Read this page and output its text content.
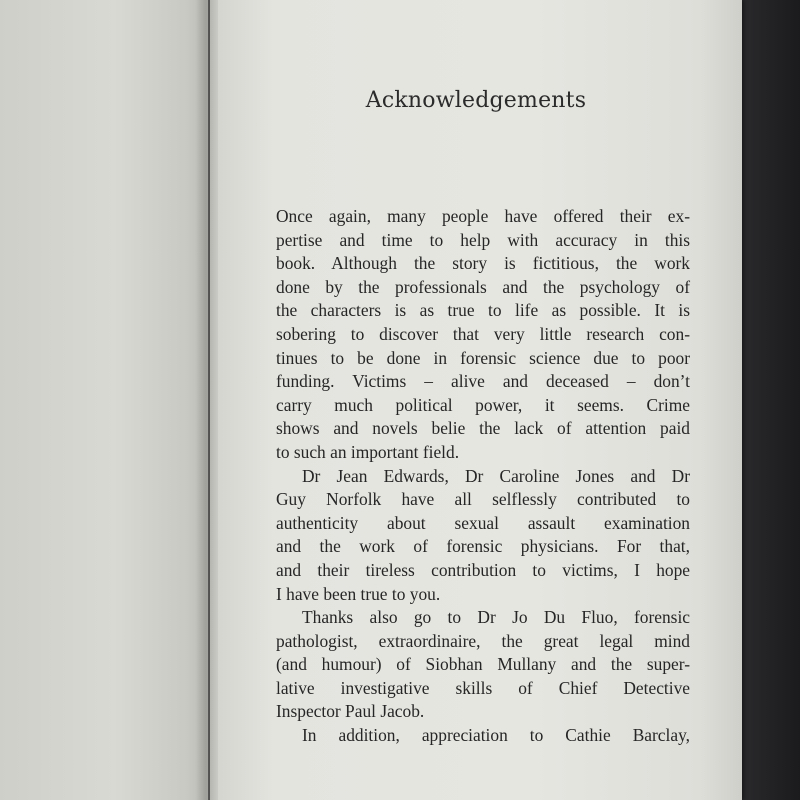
Acknowledgements

Once again, many people have offered their ex-
pertise and time to help with accuracy in this
book. Although the story is fictitious, the work
done by the professionals and the psychology of
the characters is as true to life as possible. It is
sobering to discover that very little research con-
tinues to be done in forensic science due to poor
funding. Victims – alive and deceased – don’t
carry much political power, it seems. Crime
shows and novels belie the lack of attention paid
to such an important field.

Dr Jean Edwards, Dr Caroline Jones and Dr
Guy Norfolk have all selflessly contributed to
authenticity about sexual assault examination
and the work of forensic physicians. For that,
and their tireless contribution to victims, I hope
I have been true to you.

Thanks also go to Dr Jo Du Fluo, forensic
pathologist, extraordinaire, the great legal mind
(and humour) of Siobhan Mullany and the super-
lative investigative skills of Chief Detective
Inspector Paul Jacob.

In addition, appreciation to Cathie Barclay,
